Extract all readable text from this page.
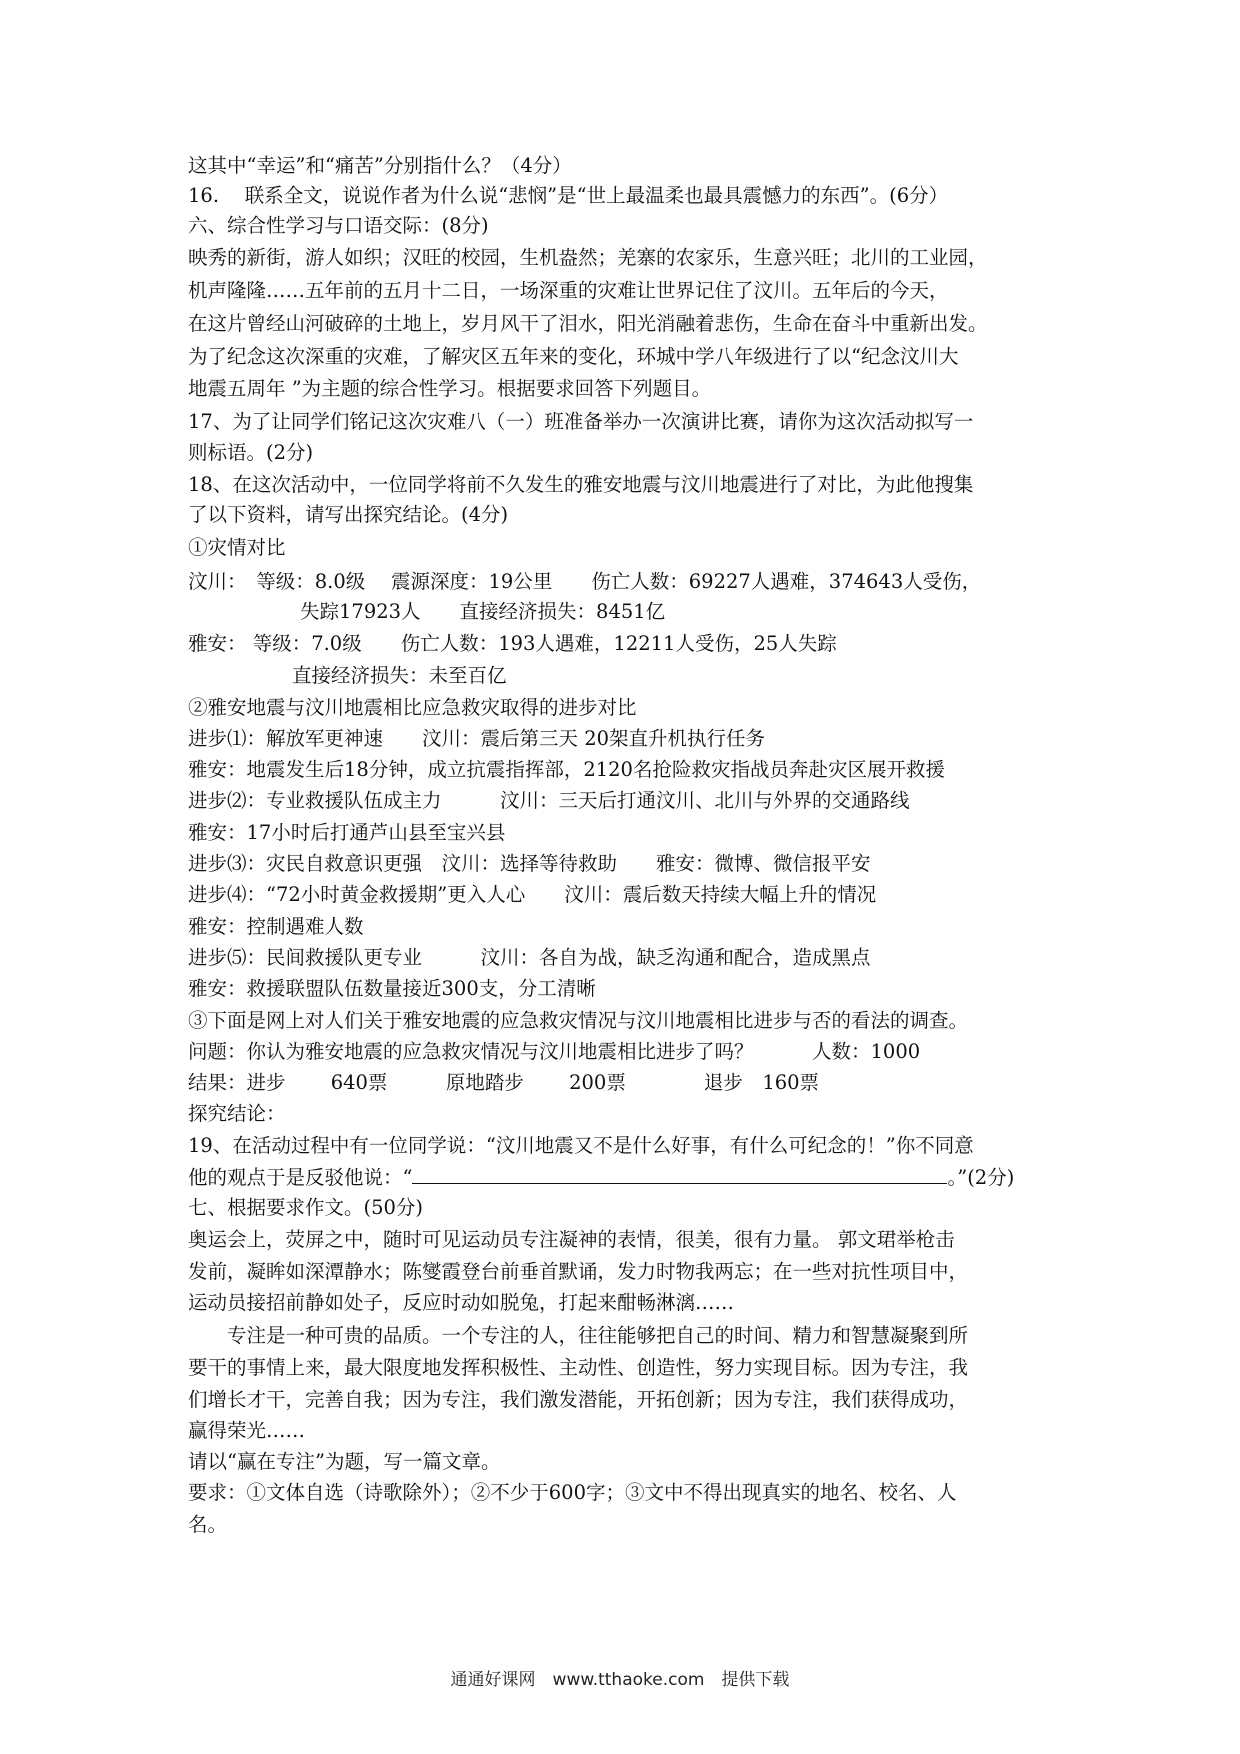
这其中“幸运”和“痛苦”分别指什么？（4分）
16.　 联系全文，说说作者为什么说“悲悯”是“世上最温柔也最具震憾力的东西”。(6分）
六、综合性学习与口语交际：(8分)
映秀的新街，游人如织；汉旺的校园，生机盎然；羌寨的农家乐，生意兴旺；北川的工业园，
机声隆隆……五年前的五月十二日，一场深重的灾难让世界记住了汶川。五年后的今天，
在这片曾经山河破碎的土地上，岁月风干了泪水，阳光消融着悲伤，生命在奋斗中重新出发。
为了纪念这次深重的灾难，了解灾区五年来的变化，环城中学八年级进行了以“纪念汶川大
地震五周年 ”为主题的综合性学习。根据要求回答下列题目。
17、为了让同学们铭记这次灾难八（一）班准备举办一次演讲比赛，请你为这次活动拟写一
则标语。(2分)
18、在这次活动中，一位同学将前不久发生的雅安地震与汶川地震进行了对比，为此他搜集
了以下资料，请写出探究结论。(4分)
①灾情对比
汶川：　等级：8.0级　 震源深度：19公里　　伤亡人数：69227人遇难，374643人受伤，
失踪17923人　　直接经济损失：8451亿
雅安： 等级：7.0级　　伤亡人数：193人遇难，12211人受伤，25人失踪
直接经济损失：未至百亿
②雅安地震与汶川地震相比应急救灾取得的进步对比
进步⑴：解放军更神速　　汶川：震后第三天 20架直升机执行任务
雅安：地震发生后18分钟，成立抗震指挥部，2120名抢险救灾指战员奔赴灾区展开救援
进步⑵：专业救援队伍成主力　　　汶川：三天后打通汶川、北川与外界的交通路线
雅安：17小时后打通芦山县至宝兴县
进步⑶：灾民自救意识更强　汶川：选择等待救助　　雅安：微博、微信报平安
进步⑷：“72小时黄金救援期”更入人心　　汶川：震后数天持续大幅上升的情况
雅安：控制遇难人数
进步⑸：民间救援队更专业　　　汶川：各自为战，缺乏沟通和配合，造成黑点
雅安：救援联盟队伍数量接近300支，分工清晰
③下面是网上对人们关于雅安地震的应急救灾情况与汶川地震相比进步与否的看法的调查。
问题：你认为雅安地震的应急救灾情况与汶川地震相比进步了吗？　　　人数：1000
结果：进步　　 640票　　　原地踏步　　 200票　　　　退步　160票
探究结论：
19、在活动过程中有一位同学说：“汶川地震又不是什么好事，有什么可纪念的！”你不同意
他的观点于是反驳他说：“	。”(2分)
七、根据要求作文。(50分)
奥运会上，荧屏之中，随时可见运动员专注凝神的表情，很美，很有力量。 郭文珺举枪击
发前，凝眸如深潭静水；陈燮霞登台前垂首默诵，发力时物我两忘；在一些对抗性项目中，
运动员接招前静如处子，反应时动如脱兔，打起来酣畅淋漓……
　　专注是一种可贵的品质。一个专注的人，往往能够把自己的时间、精力和智慧凝聚到所
要干的事情上来，最大限度地发挥积极性、主动性、创造性，努力实现目标。因为专注，我
们增长才干，完善自我；因为专注，我们激发潜能，开拓创新；因为专注，我们获得成功，
赢得荣光……
请以“赢在专注”为题，写一篇文章。
要求：①文体自选（诗歌除外）；②不少于600字；③文中不得出现真实的地名、校名、人
名。
通通好课网　www.tthaoke.com　提供下载
